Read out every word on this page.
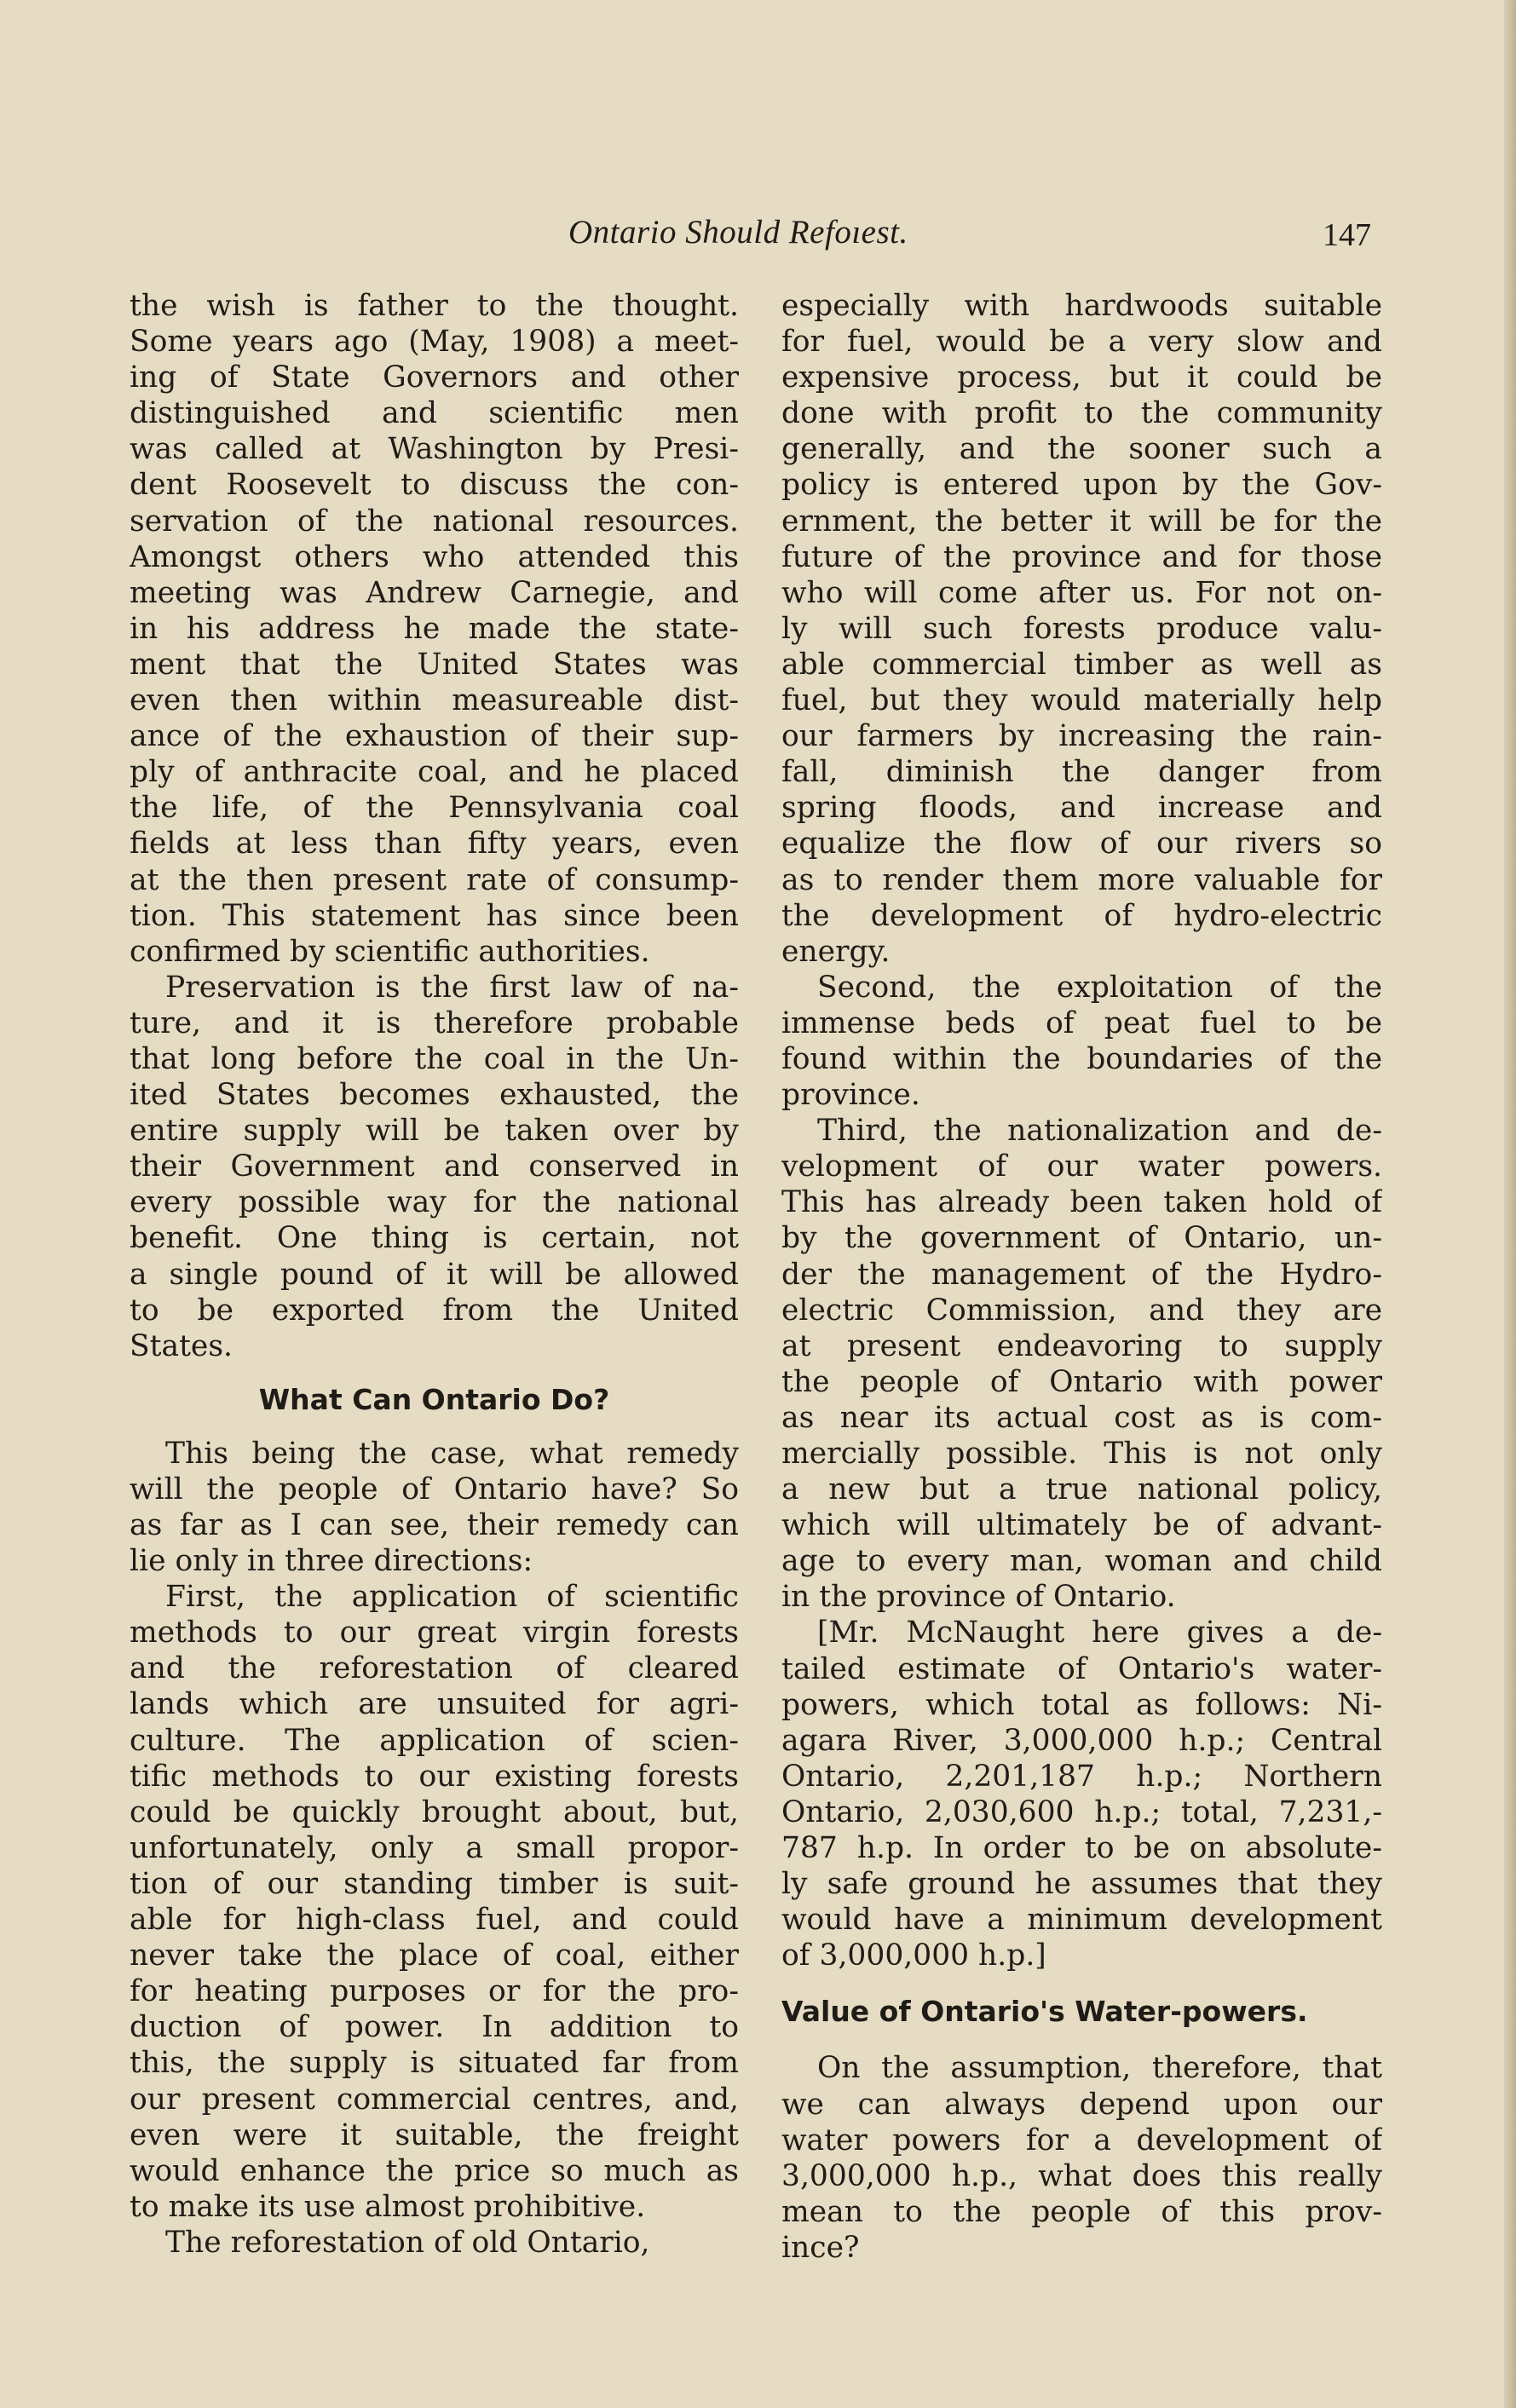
Ontario Should Refoıest.	147
the wish is father to the thought.
Some years ago (May, 1908) a meet-
ing of State Governors and other
distinguished and scientific men
was called at Washington by Presi-
dent Roosevelt to discuss the con-
servation of the national resources.
Amongst others who attended this
meeting was Andrew Carnegie, and
in his address he made the state-
ment that the United States was
even then within measureable dist-
ance of the exhaustion of their sup-
ply of anthracite coal, and he placed
the life, of the Pennsylvania coal
fields at less than fifty years, even
at the then present rate of consump-
tion. This statement has since been
confirmed by scientific authorities.
Preservation is the first law of na-
ture, and it is therefore probable
that long before the coal in the Un-
ited States becomes exhausted, the
entire supply will be taken over by
their Government and conserved in
every possible way for the national
benefit. One thing is certain, not
a single pound of it will be allowed
to be exported from the United
States.
What Can Ontario Do?
This being the case, what remedy
will the people of Ontario have? So
as far as I can see, their remedy can
lie only in three directions:
First, the application of scientific
methods to our great virgin forests
and the reforestation of cleared
lands which are unsuited for agri-
culture. The application of scien-
tific methods to our existing forests
could be quickly brought about, but,
unfortunately, only a small propor-
tion of our standing timber is suit-
able for high-class fuel, and could
never take the place of coal, either
for heating purposes or for the pro-
duction of power. In addition to
this, the supply is situated far from
our present commercial centres, and,
even were it suitable, the freight
would enhance the price so much as
to make its use almost prohibitive.
The reforestation of old Ontario,
especially with hardwoods suitable
for fuel, would be a very slow and
expensive process, but it could be
done with profit to the community
generally, and the sooner such a
policy is entered upon by the Gov-
ernment, the better it will be for the
future of the province and for those
who will come after us. For not on-
ly will such forests produce valu-
able commercial timber as well as
fuel, but they would materially help
our farmers by increasing the rain-
fall, diminish the danger from
spring floods, and increase and
equalize the flow of our rivers so
as to render them more valuable for
the development of hydro-electric
energy.
Second, the exploitation of the
immense beds of peat fuel to be
found within the boundaries of the
province.
Third, the nationalization and de-
velopment of our water powers.
This has already been taken hold of
by the government of Ontario, un-
der the management of the Hydro-
electric Commission, and they are
at present endeavoring to supply
the people of Ontario with power
as near its actual cost as is com-
mercially possible. This is not only
a new but a true national policy,
which will ultimately be of advant-
age to every man, woman and child
in the province of Ontario.
[Mr. McNaught here gives a de-
tailed estimate of Ontario's water-
powers, which total as follows: Ni-
agara River, 3,000,000 h.p.; Central
Ontario, 2,201,187 h.p.; Northern
Ontario, 2,030,600 h.p.; total, 7,231,-
787 h.p. In order to be on absolute-
ly safe ground he assumes that they
would have a minimum development
of 3,000,000 h.p.]
Value of Ontario's Water-powers.
On the assumption, therefore, that
we can always depend upon our
water powers for a development of
3,000,000 h.p., what does this really
mean to the people of this prov-
ince?
